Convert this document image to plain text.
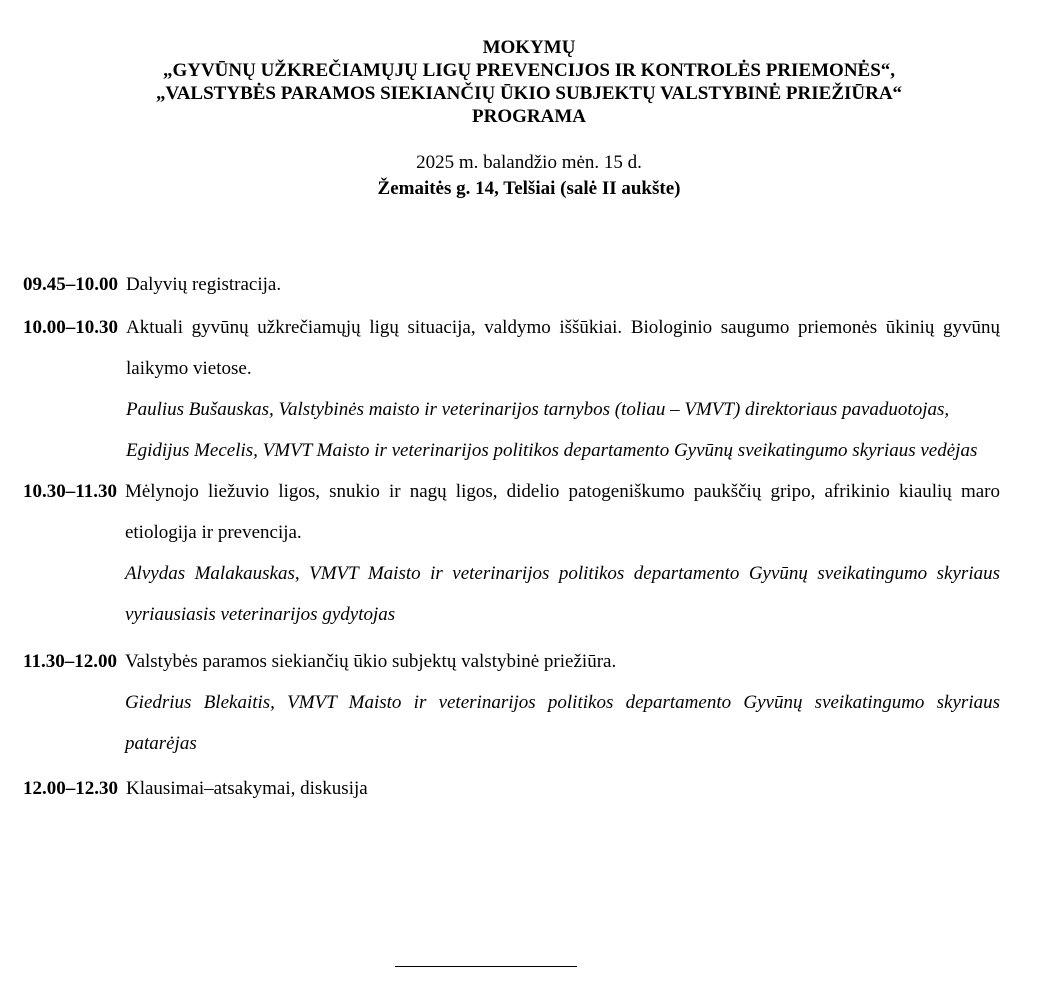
MOKYMŲ
„GYVŪNŲ UŽKREČIAMŲJŲ LIGŲ PREVENCIJOS IR KONTROLĖS PRIEMONĖS“,
„VALSTYBĖS PARAMOS SIEKIANČIŲ ŪKIO SUBJEKTŲ VALSTYBINĖ PRIEŽIŪRA“
PROGRAMA
2025 m. balandžio mėn. 15 d.
Žemaitės g. 14, Telšiai (salė II aukšte)
09.45–10.00 Dalyvių registracija.
10.00–10.30 Aktuali gyvūnų užkrečiamųjų ligų situacija, valdymo iššūkiai. Biologinio saugumo priemonės ūkinių gyvūnų laikymo vietose.
Paulius Bušauskas, Valstybinės maisto ir veterinarijos tarnybos (toliau – VMVT) direktoriaus pavaduotojas,
Egidijus Mecelis, VMVT Maisto ir veterinarijos politikos departamento Gyvūnų sveikatingumo skyriaus vedėjas
10.30–11.30 Mėlynojo liežuvio ligos, snukio ir nagų ligos, didelio patogeniškumo paukščių gripo, afrikinio kiaulių maro etiologija ir prevencija.
Alvydas Malakauskas, VMVT Maisto ir veterinarijos politikos departamento Gyvūnų sveikatingumo skyriaus vyriausiasis veterinarijos gydytojas
11.30–12.00 Valstybės paramos siekiančių ūkio subjektų valstybinė priežiūra.
Giedrius Blekaitis, VMVT Maisto ir veterinarijos politikos departamento Gyvūnų sveikatingumo skyriaus patarėjas
12.00–12.30 Klausimai–atsakymai, diskusija
